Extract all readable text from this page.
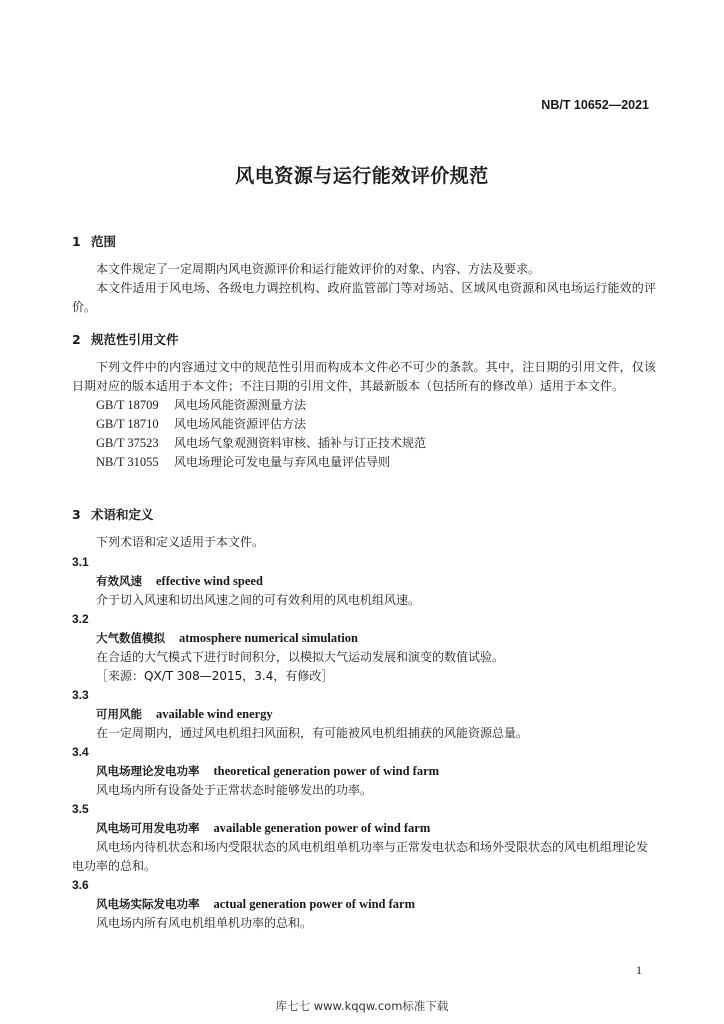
NB/T 10652—2021
风电资源与运行能效评价规范
1 范围
本文件规定了一定周期内风电资源评价和运行能效评价的对象、内容、方法及要求。
本文件适用于风电场、各级电力调控机构、政府监管部门等对场站、区域风电资源和风电场运行能效的评价。
2 规范性引用文件
下列文件中的内容通过文中的规范性引用而构成本文件必不可少的条款。其中，注日期的引用文件，仅该日期对应的版本适用于本文件；不注日期的引用文件，其最新版本（包括所有的修改单）适用于本文件。
GB/T 18709 风电场风能资源测量方法
GB/T 18710 风电场风能资源评估方法
GB/T 37523 风电场气象观测资料审核、插补与订正技术规范
NB/T 31055 风电场理论可发电量与弃风电量评估导则
3 术语和定义
下列术语和定义适用于本文件。
3.1
有效风速 effective wind speed
介于切入风速和切出风速之间的可有效利用的风电机组风速。
3.2
大气数值模拟 atmosphere numerical simulation
在合适的大气模式下进行时间积分，以模拟大气运动发展和演变的数值试验。
［来源：QX/T 308—2015，3.4，有修改］
3.3
可用风能 available wind energy
在一定周期内，通过风电机组扫风面积，有可能被风电机组捕获的风能资源总量。
3.4
风电场理论发电功率 theoretical generation power of wind farm
风电场内所有设备处于正常状态时能够发出的功率。
3.5
风电场可用发电功率 available generation power of wind farm
风电场内待机状态和场内受限状态的风电机组单机功率与正常发电状态和场外受限状态的风电机组理论发电功率的总和。
3.6
风电场实际发电功率 actual generation power of wind farm
风电场内所有风电机组单机功率的总和。
1
库七七 www.kqqw.com标准下载
